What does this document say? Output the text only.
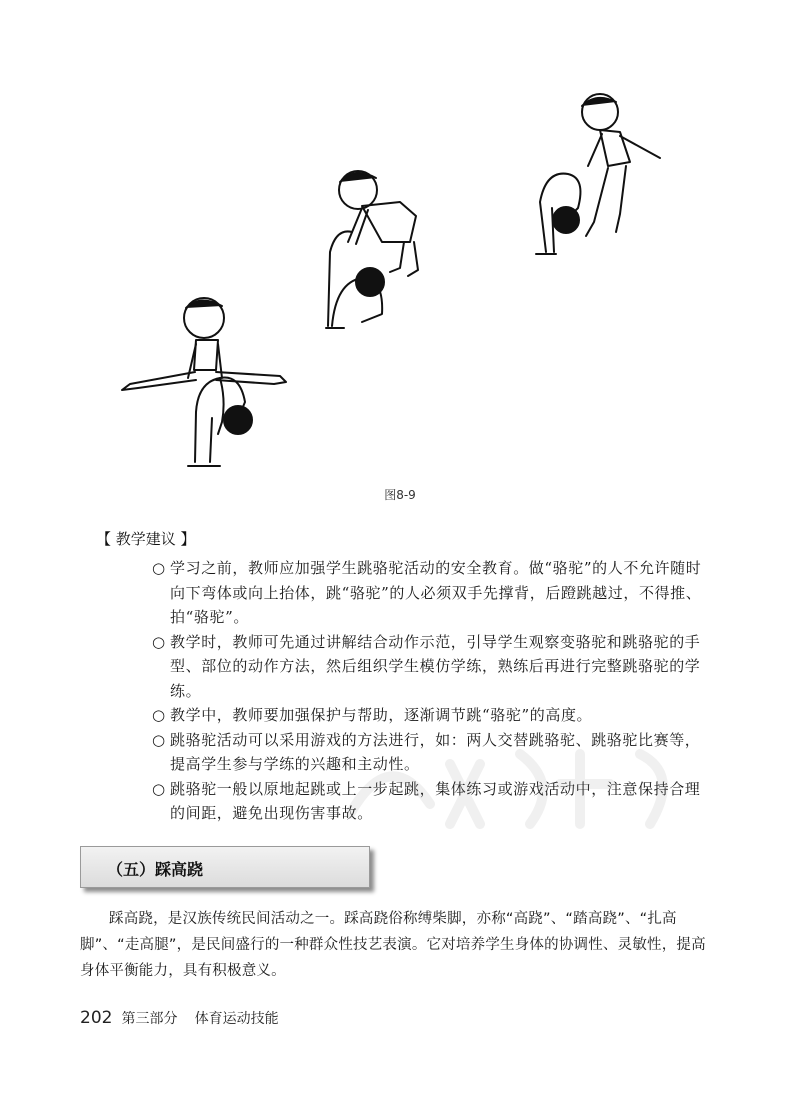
图8-9
【 教学建议 】
○ 学习之前，教师应加强学生跳骆驼活动的安全教育。做“骆驼”的人不允许随时向下弯体或向上抬体，跳“骆驼”的人必须双手先撑背，后蹬跳越过，不得推、拍“骆驼”。
○ 教学时，教师可先通过讲解结合动作示范，引导学生观察变骆驼和跳骆驼的手型、部位的动作方法，然后组织学生模仿学练，熟练后再进行完整跳骆驼的学练。
○ 教学中，教师要加强保护与帮助，逐渐调节跳“骆驼”的高度。
○ 跳骆驼活动可以采用游戏的方法进行，如：两人交替跳骆驼、跳骆驼比赛等，提高学生参与学练的兴趣和主动性。
○ 跳骆驼一般以原地起跳或上一步起跳，集体练习或游戏活动中，注意保持合理的间距，避免出现伤害事故。
（五）踩高跷

踩高跷，是汉族传统民间活动之一。踩高跷俗称缚柴脚，亦称“高跷”、“踏高跷”、“扎高脚”、“走高腿”，是民间盛行的一种群众性技艺表演。它对培养学生身体的协调性、灵敏性，提高身体平衡能力，具有积极意义。

202 第三部分 体育运动技能
